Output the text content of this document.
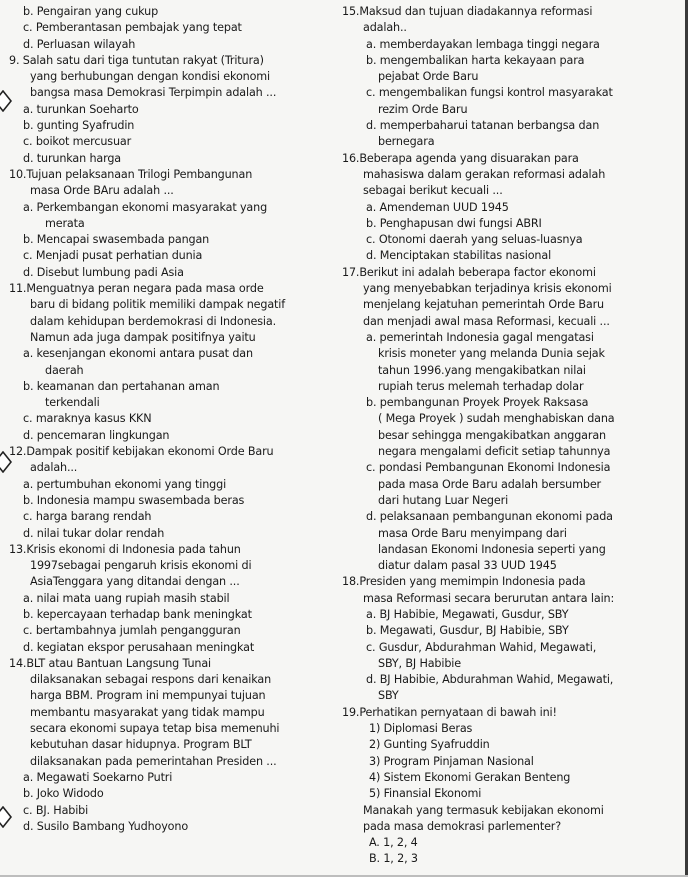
b. Pengairan yang cukup
c. Pemberantasan pembajak yang tepat
d. Perluasan wilayah
9. Salah satu dari tiga tuntutan rakyat (Tritura)
yang berhubungan dengan kondisi ekonomi
bangsa masa Demokrasi Terpimpin adalah ...
a. turunkan Soeharto
b. gunting Syafrudin
c. boikot mercusuar
d. turunkan harga
10.Tujuan pelaksanaan Trilogi Pembangunan
masa Orde BAru adalah ...
a. Perkembangan ekonomi masyarakat yang
merata
b. Mencapai swasembada pangan
c. Menjadi pusat perhatian dunia
d. Disebut lumbung padi Asia
11.Menguatnya peran negara pada masa orde
baru di bidang politik memiliki dampak negatif
dalam kehidupan berdemokrasi di Indonesia.
Namun ada juga dampak positifnya yaitu
a. kesenjangan ekonomi antara pusat dan
daerah
b. keamanan dan pertahanan aman
terkendali
c. maraknya kasus KKN
d. pencemaran lingkungan
12.Dampak positif kebijakan ekonomi Orde Baru
adalah...
a. pertumbuhan ekonomi yang tinggi
b. Indonesia mampu swasembada beras
c. harga barang rendah
d. nilai tukar dolar rendah
13.Krisis ekonomi di Indonesia pada tahun
1997sebagai pengaruh krisis ekonomi di
AsiaTenggara yang ditandai dengan ...
a. nilai mata uang rupiah masih stabil
b. kepercayaan terhadap bank meningkat
c. bertambahnya jumlah pengangguran
d. kegiatan ekspor perusahaan meningkat
14.BLT atau Bantuan Langsung Tunai
dilaksanakan sebagai respons dari kenaikan
harga BBM. Program ini mempunyai tujuan
membantu masyarakat yang tidak mampu
secara ekonomi supaya tetap bisa memenuhi
kebutuhan dasar hidupnya. Program BLT
dilaksanakan pada pemerintahan Presiden ...
a. Megawati Soekarno Putri
b. Joko Widodo
c. BJ. Habibi
d. Susilo Bambang Yudhoyono
15.Maksud dan tujuan diadakannya reformasi
adalah..
a. memberdayakan lembaga tinggi negara
b. mengembalikan harta kekayaan para
pejabat Orde Baru
c. mengembalikan fungsi kontrol masyarakat
rezim Orde Baru
d. memperbaharui tatanan berbangsa dan
bernegara
16.Beberapa agenda yang disuarakan para
mahasiswa dalam gerakan reformasi adalah
sebagai berikut kecuali ...
a. Amendeman UUD 1945
b. Penghapusan dwi fungsi ABRI
c. Otonomi daerah yang seluas-luasnya
d. Menciptakan stabilitas nasional
17.Berikut ini adalah beberapa factor ekonomi
yang menyebabkan terjadinya krisis ekonomi
menjelang kejatuhan pemerintah Orde Baru
dan menjadi awal masa Reformasi, kecuali ...
a. pemerintah Indonesia gagal mengatasi
krisis moneter yang melanda Dunia sejak
tahun 1996.yang mengakibatkan nilai
rupiah terus melemah terhadap dolar
b. pembangunan Proyek Proyek Raksasa
( Mega Proyek ) sudah menghabiskan dana
besar sehingga mengakibatkan anggaran
negara mengalami deficit setiap tahunnya
c. pondasi Pembangunan Ekonomi Indonesia
pada masa Orde Baru adalah bersumber
dari hutang Luar Negeri
d. pelaksanaan pembangunan ekonomi pada
masa Orde Baru menyimpang dari
landasan Ekonomi Indonesia seperti yang
diatur dalam pasal 33 UUD 1945
18.Presiden yang memimpin Indonesia pada
masa Reformasi secara berurutan antara lain:
a. BJ Habibie, Megawati, Gusdur, SBY
b. Megawati, Gusdur, BJ Habibie, SBY
c. Gusdur, Abdurahman Wahid, Megawati,
SBY, BJ Habibie
d. BJ Habibie, Abdurahman Wahid, Megawati,
SBY
19.Perhatikan pernyataan di bawah ini!
1) Diplomasi Beras
2) Gunting Syafruddin
3) Program Pinjaman Nasional
4) Sistem Ekonomi Gerakan Benteng
5) Finansial Ekonomi
Manakah yang termasuk kebijakan ekonomi
pada masa demokrasi parlementer?
A. 1, 2, 4
B. 1, 2, 3
